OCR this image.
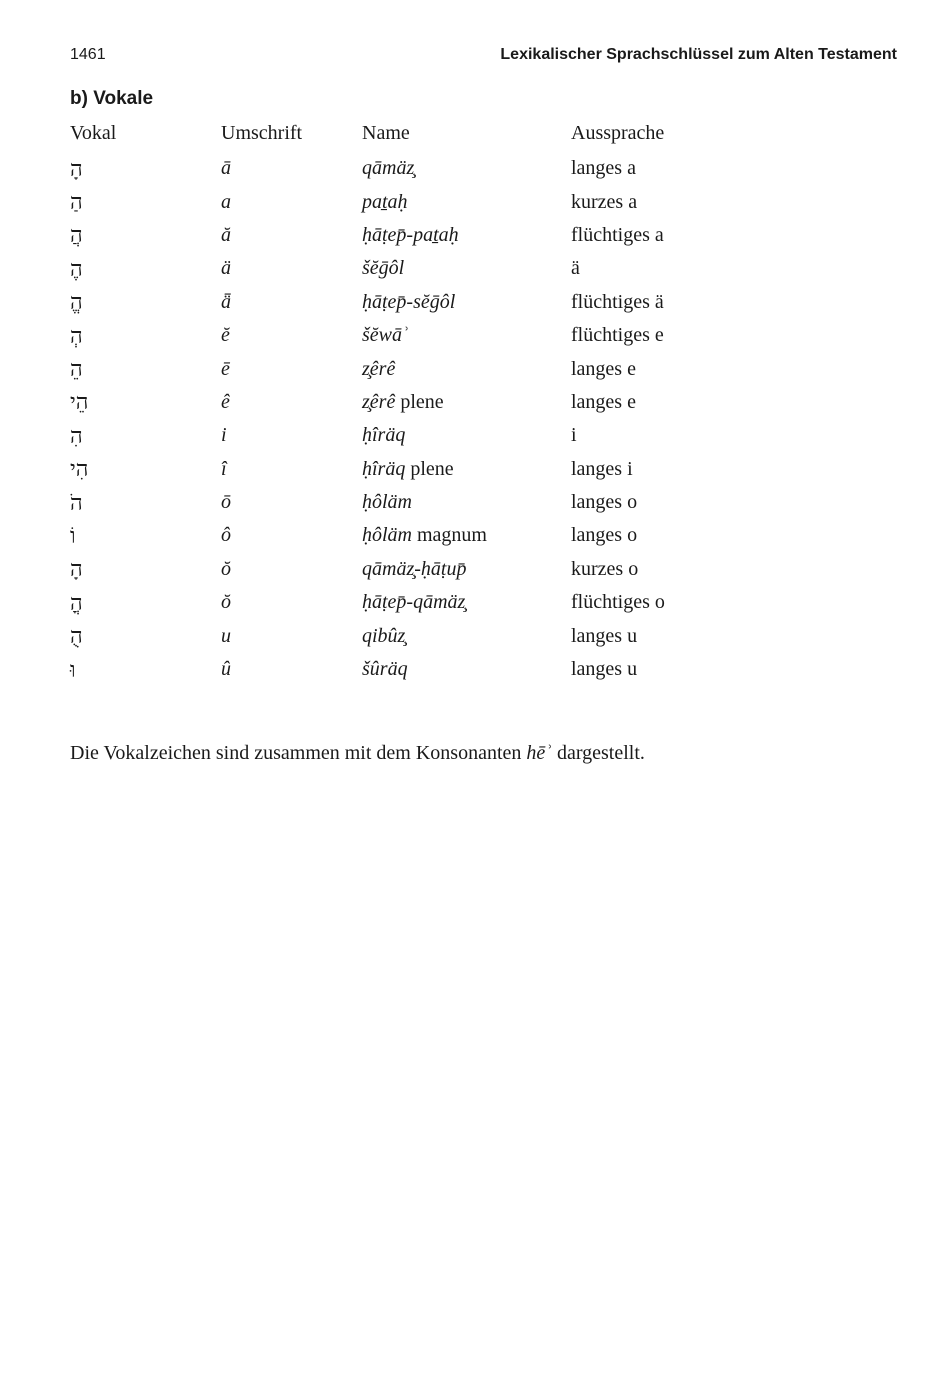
1461	Lexikalischer Sprachschlüssel zum Alten Testament
b) Vokale
Vokal	Umschrift	Name	Aussprache
הָ	ā	qāmäz̧	langes a
הַ	a	paṯaḥ	kurzes a
הֲ	ă	ḥāṭep̄-paṯaḥ	flüchtiges a
הֶ	ä	šĕḡôl	ä
הֱ	ǟ	ḥāṭep̄-sĕḡôl	flüchtiges ä
הְ	ĕ	šĕwāʾ	flüchtiges e
הֵ	ē	z̧êrê	langes e
הֵי	ê	z̧êrê plene	langes e
הִ	i	ḥîräq	i
הִי	î	ḥîräq plene	langes i
הֹ	ō	ḥôläm	langes o
וֹ	ô	ḥôläm magnum	langes o
הָ	ŏ	qāmäz̧-ḥāṭup̄	kurzes o
הֳ	ŏ	ḥāṭep̄-qāmäz̧	flüchtiges o
הֻ	u	qibûz̧	langes u
וּ	û	šûräq	langes u

Die Vokalzeichen sind zusammen mit dem Konsonanten hēʾ dargestellt.
